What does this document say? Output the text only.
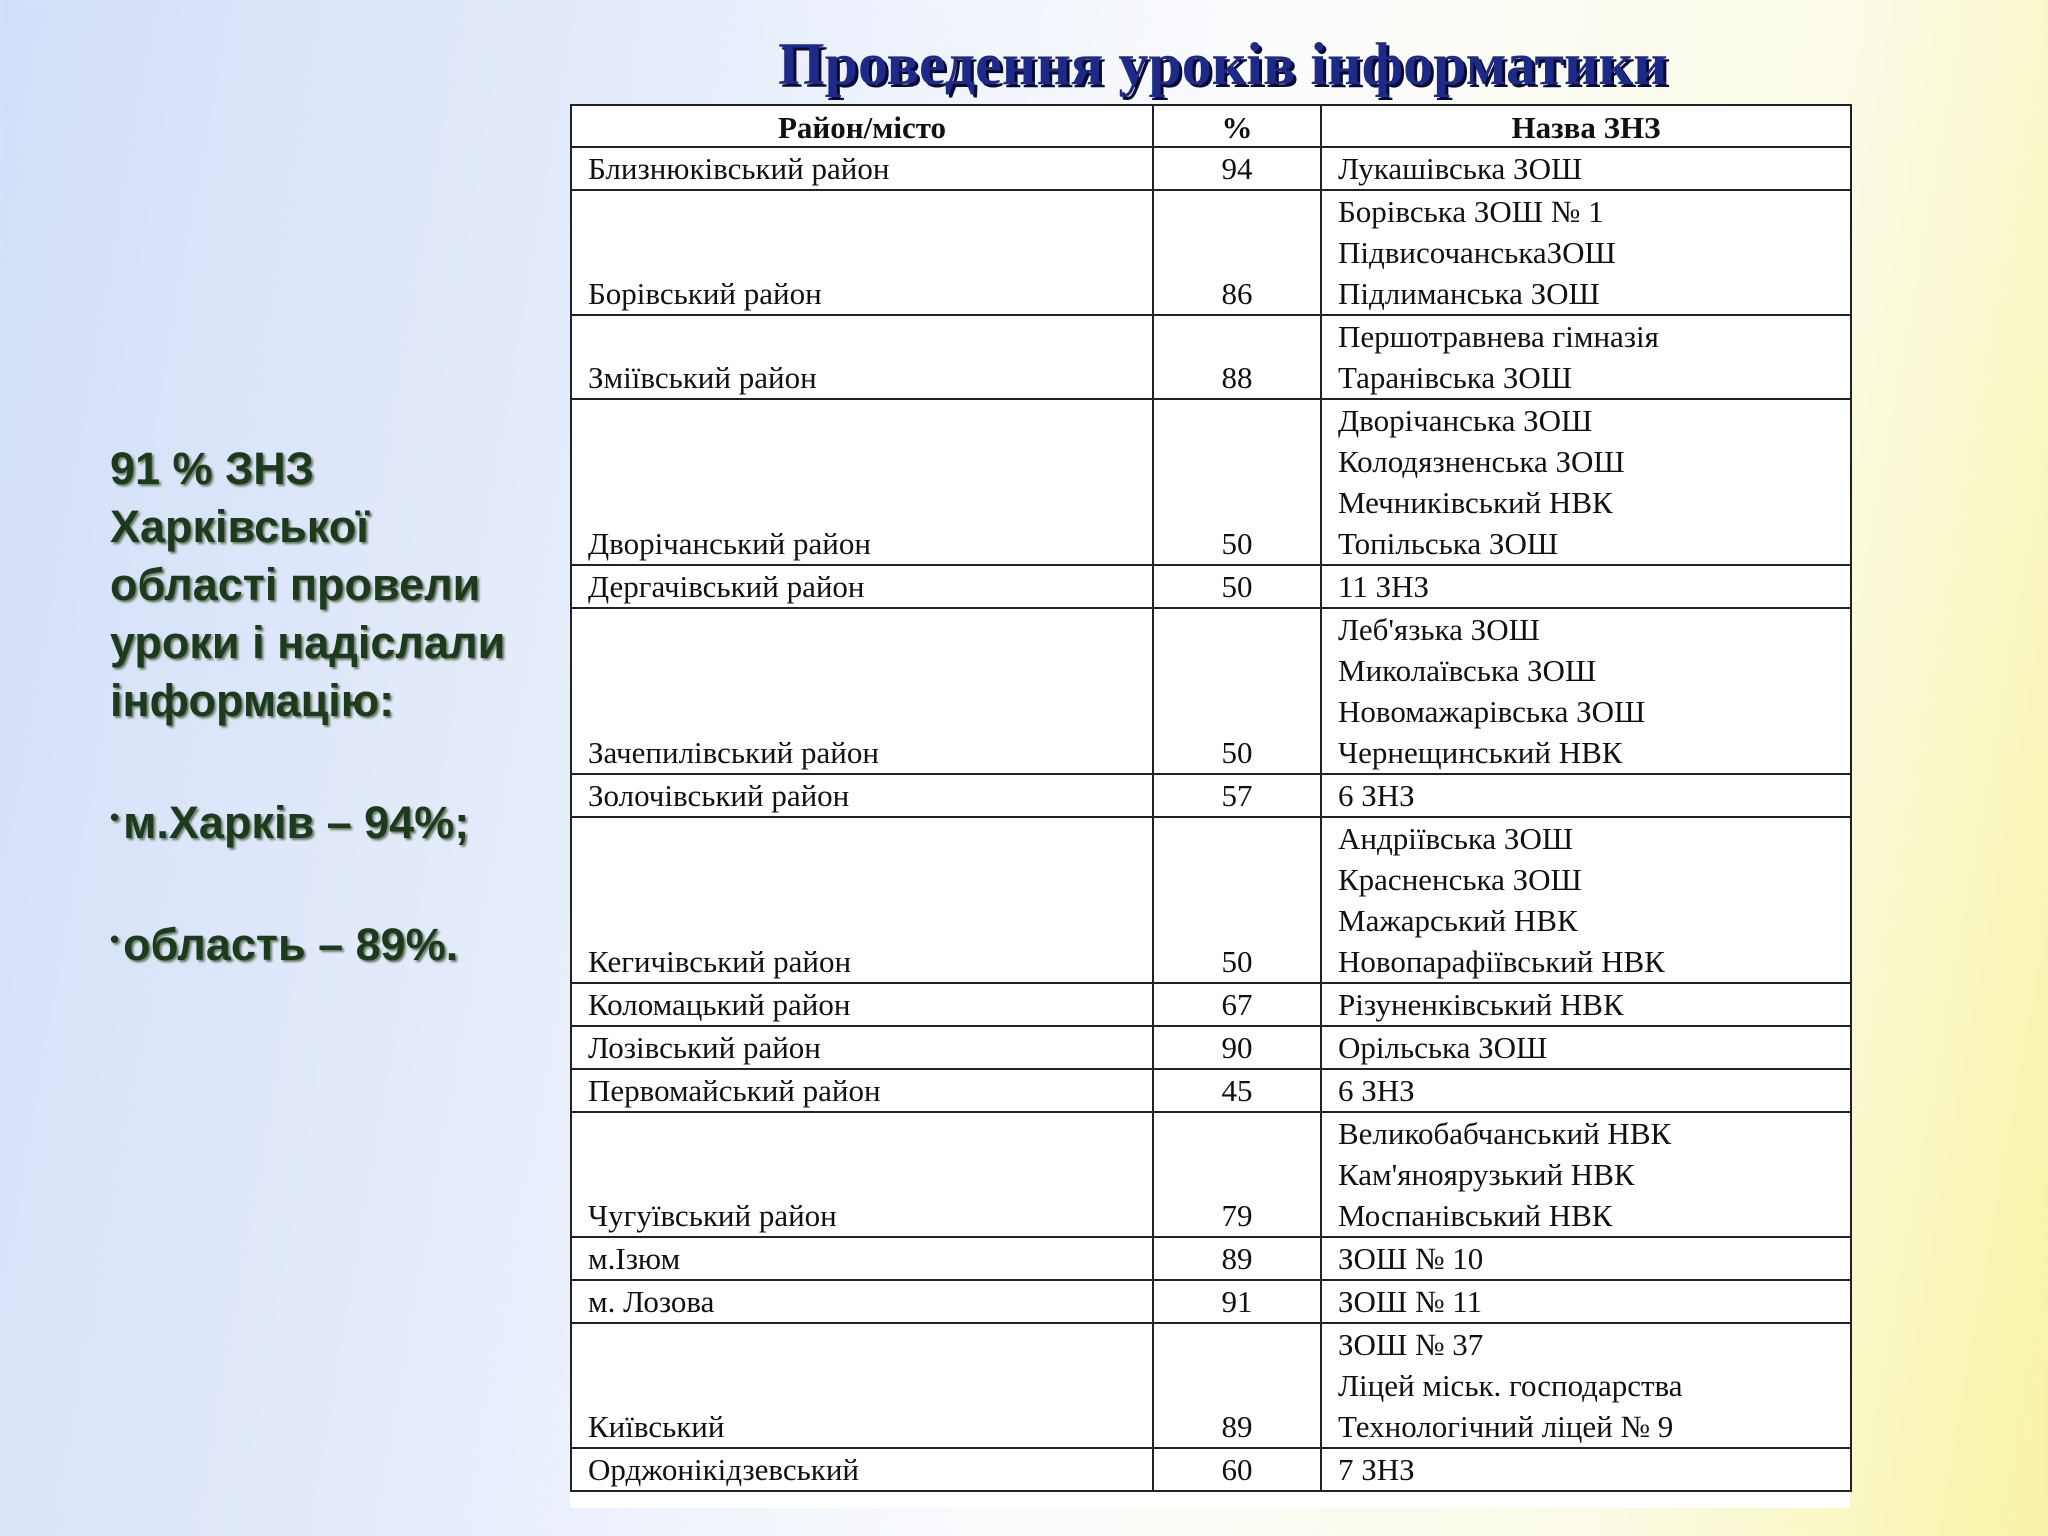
Проведення уроків інформатики

91 % ЗНЗ

Харківської

області провели

уроки і надіслали

інформацію:

• м.Харків – 94%;

• область – 89%.

Район/місто	%	Назва ЗНЗ
Близнюківський район	94	Лукашівська ЗОШ

Борівський район	86	Борівська ЗОШ № 1
ПідвисочанськаЗОШ
Підлиманська ЗОШ

Зміївський район	88	Першотравнева гімназія
Таранівська ЗОШ

Дворічанський район	50	Дворічанська ЗОШ
Колодязненська ЗОШ
Мечниківський НВК
Топільська ЗОШ

Дергачівський район	50	11 ЗНЗ

Зачепилівський район	50	Леб'язька ЗОШ
Миколаївська ЗОШ
Новомажарівська ЗОШ
Чернещинський НВК

Золочівський район	57	6 ЗНЗ

Кегичівський район	50	Андріївська ЗОШ
Красненська ЗОШ
Мажарський НВК
Новопарафіївський НВК

Коломацький район	67	Різуненківський НВК

Лозівський район	90	Орільська ЗОШ

Первомайський район	45	6 ЗНЗ

Чугуївський район	79	Великобабчанський НВК
Кам'янoярузький НВК
Моспанівський НВК

м.Ізюм	89	ЗОШ № 10

м. Лозова	91	ЗОШ № 11

Київський	89	ЗОШ № 37
Ліцей міськ. господарства
Технологічний ліцей № 9

Орджонікідзевський	60	7 ЗНЗ
